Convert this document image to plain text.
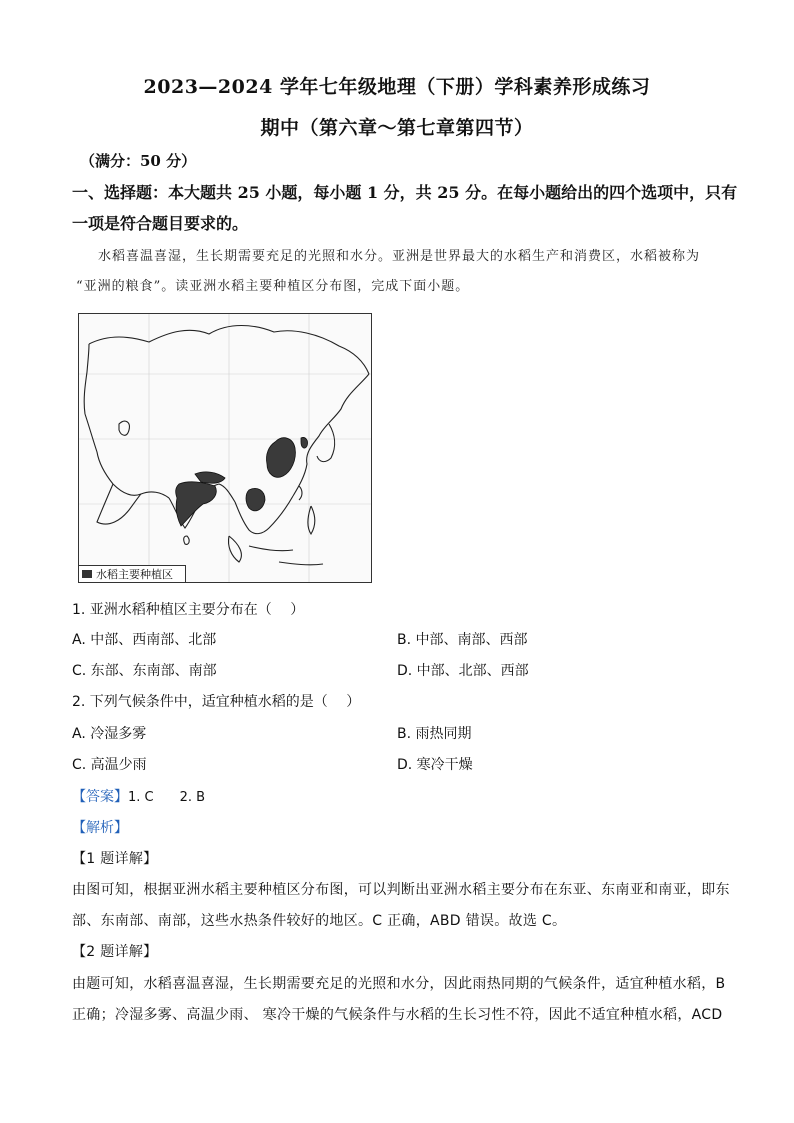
2023—2024 学年七年级地理（下册）学科素养形成练习
期中（第六章～第七章第四节）
（满分：50 分）
一、选择题：本大题共 25 小题，每小题 1 分，共 25 分。在每小题给出的四个选项中，只有
一项是符合题目要求的。
水稻喜温喜湿，生长期需要充足的光照和水分。亚洲是世界最大的水稻生产和消费区，水稻被称为
“亚洲的粮食”。读亚洲水稻主要种植区分布图，完成下面小题。
水稻主要种植区
1. 亚洲水稻种植区主要分布在（　 ）
A. 中部、西南部、北部	B. 中部、南部、西部
C. 东部、东南部、南部	D. 中部、北部、西部
2. 下列气候条件中，适宜种植水稻的是（　 ）
A. 冷湿多雾	B. 雨热同期
C. 高温少雨	D. 寒冷干燥
【答案】1. C　　2. B
【解析】
【1 题详解】
由图可知，根据亚洲水稻主要种植区分布图，可以判断出亚洲水稻主要分布在东亚、东南亚和南亚，即东
部、东南部、南部，这些水热条件较好的地区。C 正确，ABD 错误。故选 C。
【2 题详解】
由题可知，水稻喜温喜湿，生长期需要充足的光照和水分，因此雨热同期的气候条件，适宜种植水稻，B
正确；冷湿多雾、高温少雨、 寒冷干燥的气候条件与水稻的生长习性不符，因此不适宜种植水稻，ACD
